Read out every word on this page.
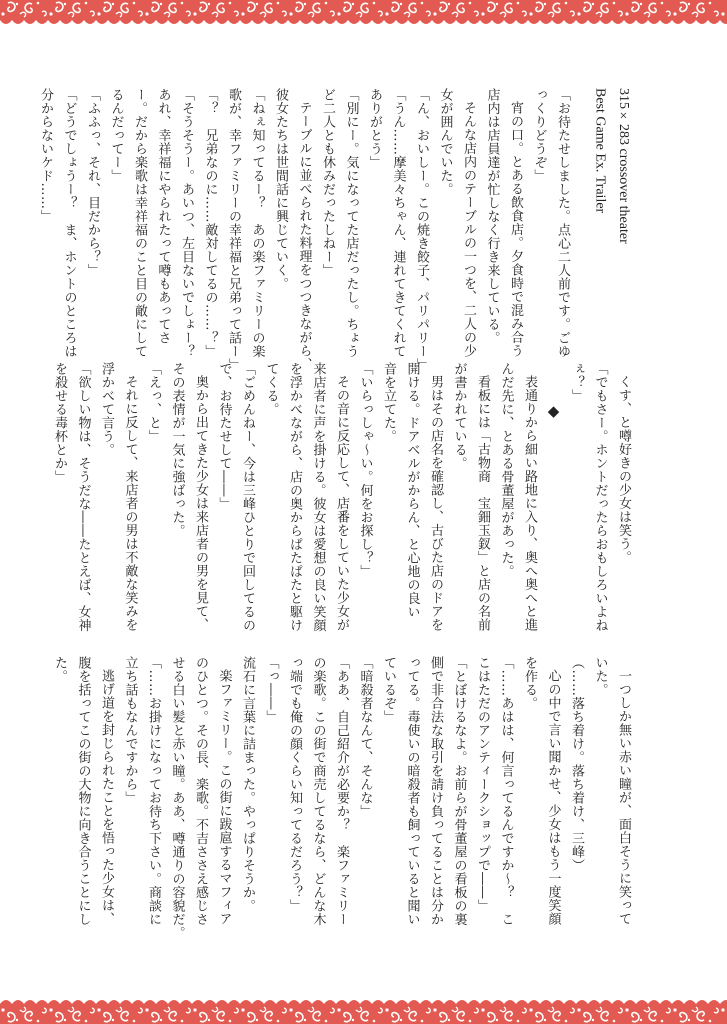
315×283 crossover theater
Best Game Ex. Trailer
「お待たせしました。点心二人前です。ごゆ
っくりどうぞ」
宵の口。とある飲食店。夕食時で混み合う
店内は店員達が忙しなく行き来している。
そんな店内のテーブルの一つを、二人の少
女が囲んでいた。
「ん、おいしー。この焼き餃子、パリパリー」
「うん……摩美々ちゃん、連れてきてくれて
ありがとう」
「別にー。気になってた店だったし。ちょう
ど二人とも休みだったしねー」
テーブルに並べられた料理をつつきながら、
彼女たちは世間話に興じていく。
「ねぇ知ってるー？　あの楽ファミリーの楽
歌が、幸ファミリーの幸祥福と兄弟って話ー」
「？　兄弟なのに……敵対してるの……？」
「そうそうー。あいつ、左目ないでしょー？
あれ、幸祥福にやられたって噂もあってさ
ー。だから楽歌は幸祥福のこと目の敵にして
るんだってー」
「ふふっ、それ、目だから？」
「どうでしょうー？　ま、ホントのところは
分からないケド……」
くす、と噂好きの少女は笑う。
「でもさー。ホントだったらおもしろいよね
ぇ？」
◆
表通りから細い路地に入り、奥へ奥へと進
んだ先に、とある骨董屋があった。
看板には「古物商　宝鈿玉釵」と店の名前
が書かれている。
男はその店名を確認し、古びた店のドアを
開ける。ドアベルがからん、と心地の良い
音を立てた。
「いらっしゃ～い。何をお探し？」
その音に反応して、店番をしていた少女が
来店者に声を掛ける。彼女は愛想の良い笑顔
を浮かべながら、店の奥からぱたぱたと駆け
てくる。
「ごめんねー、今は三峰ひとりで回してるの
で、お待たせして――」
奥から出てきた少女は来店者の男を見て、
その表情が一気に強ばった。
「えっ、と」
それに反して、来店者の男は不敵な笑みを
浮かべて言う。
「欲しい物は、そうだな――たとえば、女神
を殺せる毒杯とか」
一つしか無い赤い瞳が、面白そうに笑って
いた。
（……落ち着け。落ち着け、三峰）
心の中で言い聞かせ、少女はもう一度笑顔
を作る。
「……あはは、何言ってるんですか～？　こ
こはただのアンティークショップで――」
「とぼけるなよ。お前らが骨董屋の看板の裏
側で非合法な取引を請け負ってることは分か
ってる。毒使いの暗殺者も飼っていると聞い
ているぞ」
「暗殺者なんて、そんな」
「ああ、自己紹介が必要か？　楽ファミリー
の楽歌。この街で商売してるなら、どんな木
っ端でも俺の顔くらい知ってるだろう？」
「っ――」
流石に言葉に詰まった。やっぱりそうか。
楽ファミリー。この街に跋扈するマフィア
のひとつ。その長、楽歌。不吉ささえ感じさ
せる白い髪と赤い瞳。ああ、噂通りの容貌だ。
「……お掛けになってお待ち下さい。商談に
立ち話もなんですから」
逃げ道を封じられたことを悟った少女は、
腹を括ってこの街の大物に向き合うことにし
た。
